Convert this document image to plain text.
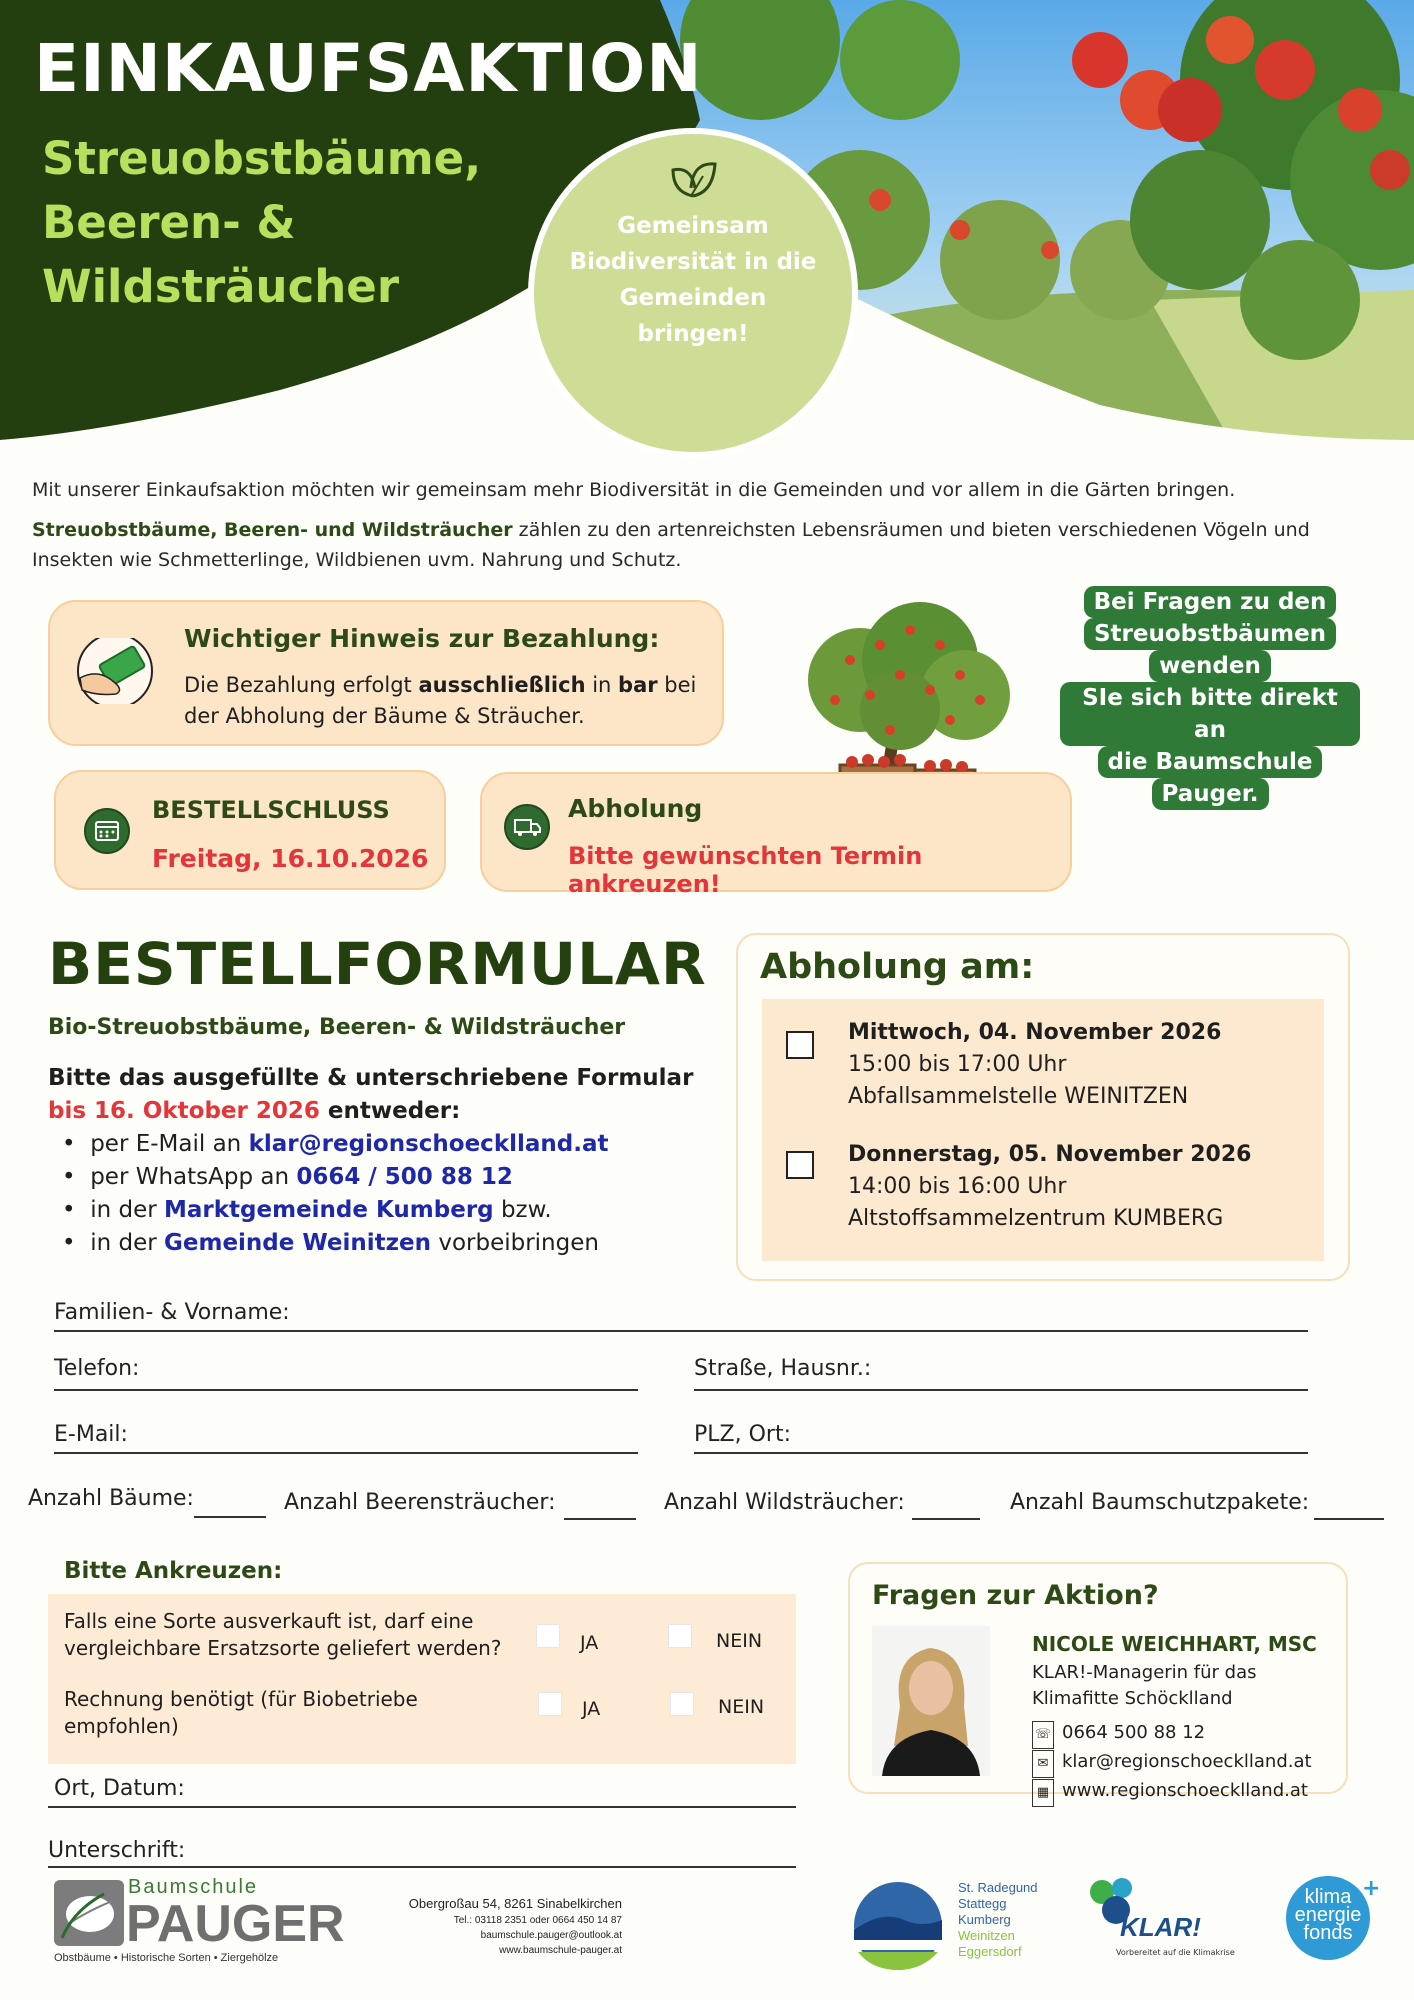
EINKAUFSAKTION
Streuobstbäume,
Beeren- &
Wildsträucher
Gemeinsam
Biodiversität in die
Gemeinden
bringen!
Mit unserer Einkaufsaktion möchten wir gemeinsam mehr Biodiversität in die Gemeinden und vor allem in die Gärten bringen.
Streuobstbäume, Beeren- und Wildsträucher zählen zu den artenreichsten Lebensräumen und bieten verschiedenen Vögeln und Insekten wie Schmetterlinge, Wildbienen uvm. Nahrung und Schutz.
Wichtiger Hinweis zur Bezahlung:
Die Bezahlung erfolgt ausschließlich in bar bei
der Abholung der Bäume & Sträucher.
Bei Fragen zu den
Streuobstbäumen
wenden
SIe sich bitte direkt an
die Baumschule
Pauger.
BESTELLSCHLUSS
Freitag, 16.10.2026
Abholung
Bitte gewünschten Termin ankreuzen!
BESTELLFORMULAR
Bio-Streuobstbäume, Beeren- & Wildsträucher
Bitte das ausgefüllte & unterschriebene Formular
bis 16. Oktober 2026 entweder:
•  per E-Mail an klar@regionschoecklland.at
•  per WhatsApp an 0664 / 500 88 12
•  in der Marktgemeinde Kumberg bzw.
•  in der Gemeinde Weinitzen vorbeibringen
Abholung am:
Mittwoch, 04. November 2026
15:00 bis 17:00 Uhr
Abfallsammelstelle WEINITZEN
Donnerstag, 05. November 2026
14:00 bis 16:00 Uhr
Altstoffsammelzentrum KUMBERG
Familien- & Vorname:
Telefon:	Straße, Hausnr.:
E-Mail:	PLZ, Ort:
Anzahl Bäume:	Anzahl Beerensträucher:	Anzahl Wildsträucher:	Anzahl Baumschutzpakete:
Bitte Ankreuzen:
Falls eine Sorte ausverkauft ist, darf eine
vergleichbare Ersatzsorte geliefert werden?	JA	NEIN
Rechnung benötigt (für Biobetriebe
empfohlen)
JA	NEIN
Ort, Datum:
Unterschrift:
Fragen zur Aktion?
NICOLE WEICHHART, MSC
KLAR!-Managerin für das
Klimafitte Schöcklland
☏ 0664 500 88 12
✉ klar@regionschoecklland.at
▦ www.regionschoecklland.at
Baumschule
PAUGER
Obstbäume • Historische Sorten • Ziergehölze
Obergroßau 54, 8261 Sinabelkirchen
Tel.: 03118 2351 oder 0664 450 14 87
baumschule.pauger@outlook.at
www.baumschule-pauger.at
St. Radegund
Stattegg
Kumberg
Weinitzen
Eggersdorf
KLAR!
Vorbereitet auf die Klimakrise
klima
energie
fonds
+
